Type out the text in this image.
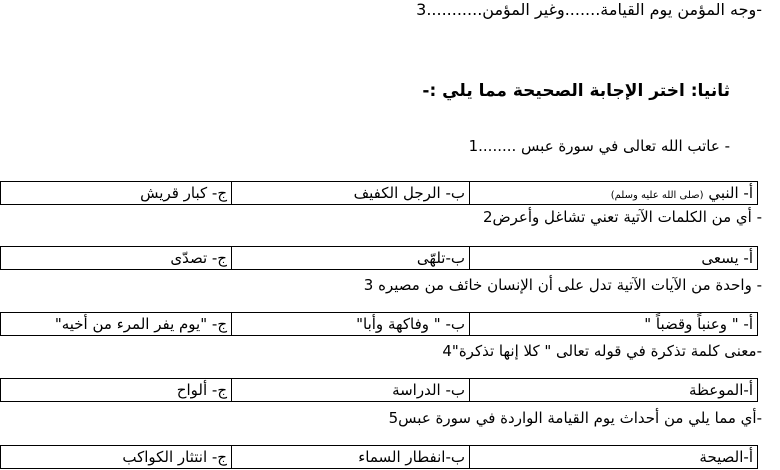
-وجه المؤمن يوم القيامة.......وغير المؤمن...........3
ثانيا: اختر الإجابة الصحيحة مما يلي :-
- عاتب الله تعالى في سورة عبس ........1
أ- النبي (صلى الله عليه وسلم)
ب- الرجل الكفيف
ج- كبار قريش
- أي من الكلمات الآتية تعني تشاغل وأعرض2
أ- يسعى
ب-تلهّى
ج- تصدّى
- واحدة من الآيات الآتية تدل على أن الإنسان خائف من مصيره 3
أ- " وعنباً وقضباً "
ب- " وفاكهة وأبا"
ج- "يوم يفر المرء من أخيه"
-معنى كلمة تذكرة في قوله تعالى " كلا إنها تذكرة"4
أ-الموعظة
ب- الدراسة
ج- ألواح
-أي مما يلي من أحداث يوم القيامة الواردة في سورة عبس5
أ-الصيحة
ب-انفطار السماء
ج- انتثار الكواكب
